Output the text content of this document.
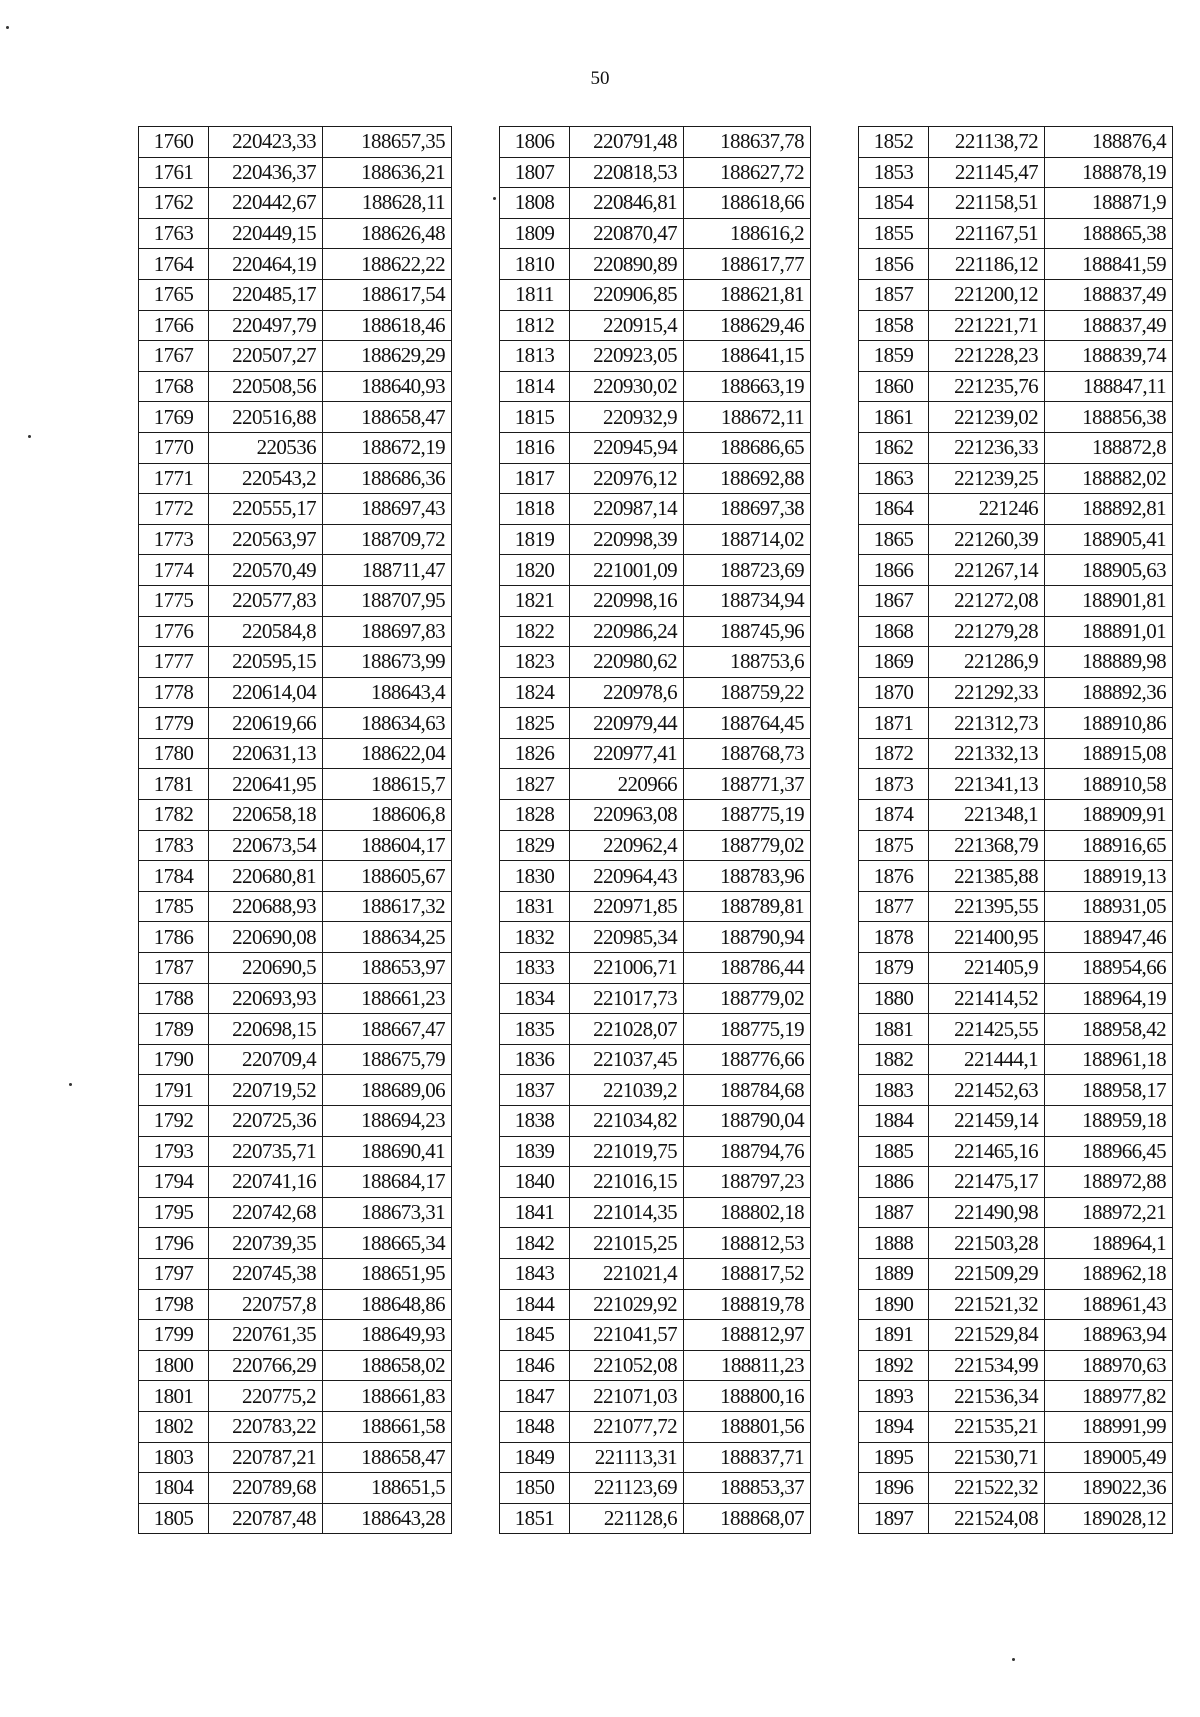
50
1760	220423,33	188657,35
1761	220436,37	188636,21
1762	220442,67	188628,11
1763	220449,15	188626,48
1764	220464,19	188622,22
1765	220485,17	188617,54
1766	220497,79	188618,46
1767	220507,27	188629,29
1768	220508,56	188640,93
1769	220516,88	188658,47
1770	220536	188672,19
1771	220543,2	188686,36
1772	220555,17	188697,43
1773	220563,97	188709,72
1774	220570,49	188711,47
1775	220577,83	188707,95
1776	220584,8	188697,83
1777	220595,15	188673,99
1778	220614,04	188643,4
1779	220619,66	188634,63
1780	220631,13	188622,04
1781	220641,95	188615,7
1782	220658,18	188606,8
1783	220673,54	188604,17
1784	220680,81	188605,67
1785	220688,93	188617,32
1786	220690,08	188634,25
1787	220690,5	188653,97
1788	220693,93	188661,23
1789	220698,15	188667,47
1790	220709,4	188675,79
1791	220719,52	188689,06
1792	220725,36	188694,23
1793	220735,71	188690,41
1794	220741,16	188684,17
1795	220742,68	188673,31
1796	220739,35	188665,34
1797	220745,38	188651,95
1798	220757,8	188648,86
1799	220761,35	188649,93
1800	220766,29	188658,02
1801	220775,2	188661,83
1802	220783,22	188661,58
1803	220787,21	188658,47
1804	220789,68	188651,5
1805	220787,48	188643,28
1806	220791,48	188637,78
1807	220818,53	188627,72
1808	220846,81	188618,66
1809	220870,47	188616,2
1810	220890,89	188617,77
1811	220906,85	188621,81
1812	220915,4	188629,46
1813	220923,05	188641,15
1814	220930,02	188663,19
1815	220932,9	188672,11
1816	220945,94	188686,65
1817	220976,12	188692,88
1818	220987,14	188697,38
1819	220998,39	188714,02
1820	221001,09	188723,69
1821	220998,16	188734,94
1822	220986,24	188745,96
1823	220980,62	188753,6
1824	220978,6	188759,22
1825	220979,44	188764,45
1826	220977,41	188768,73
1827	220966	188771,37
1828	220963,08	188775,19
1829	220962,4	188779,02
1830	220964,43	188783,96
1831	220971,85	188789,81
1832	220985,34	188790,94
1833	221006,71	188786,44
1834	221017,73	188779,02
1835	221028,07	188775,19
1836	221037,45	188776,66
1837	221039,2	188784,68
1838	221034,82	188790,04
1839	221019,75	188794,76
1840	221016,15	188797,23
1841	221014,35	188802,18
1842	221015,25	188812,53
1843	221021,4	188817,52
1844	221029,92	188819,78
1845	221041,57	188812,97
1846	221052,08	188811,23
1847	221071,03	188800,16
1848	221077,72	188801,56
1849	221113,31	188837,71
1850	221123,69	188853,37
1851	221128,6	188868,07
1852	221138,72	188876,4
1853	221145,47	188878,19
1854	221158,51	188871,9
1855	221167,51	188865,38
1856	221186,12	188841,59
1857	221200,12	188837,49
1858	221221,71	188837,49
1859	221228,23	188839,74
1860	221235,76	188847,11
1861	221239,02	188856,38
1862	221236,33	188872,8
1863	221239,25	188882,02
1864	221246	188892,81
1865	221260,39	188905,41
1866	221267,14	188905,63
1867	221272,08	188901,81
1868	221279,28	188891,01
1869	221286,9	188889,98
1870	221292,33	188892,36
1871	221312,73	188910,86
1872	221332,13	188915,08
1873	221341,13	188910,58
1874	221348,1	188909,91
1875	221368,79	188916,65
1876	221385,88	188919,13
1877	221395,55	188931,05
1878	221400,95	188947,46
1879	221405,9	188954,66
1880	221414,52	188964,19
1881	221425,55	188958,42
1882	221444,1	188961,18
1883	221452,63	188958,17
1884	221459,14	188959,18
1885	221465,16	188966,45
1886	221475,17	188972,88
1887	221490,98	188972,21
1888	221503,28	188964,1
1889	221509,29	188962,18
1890	221521,32	188961,43
1891	221529,84	188963,94
1892	221534,99	188970,63
1893	221536,34	188977,82
1894	221535,21	188991,99
1895	221530,71	189005,49
1896	221522,32	189022,36
1897	221524,08	189028,12
